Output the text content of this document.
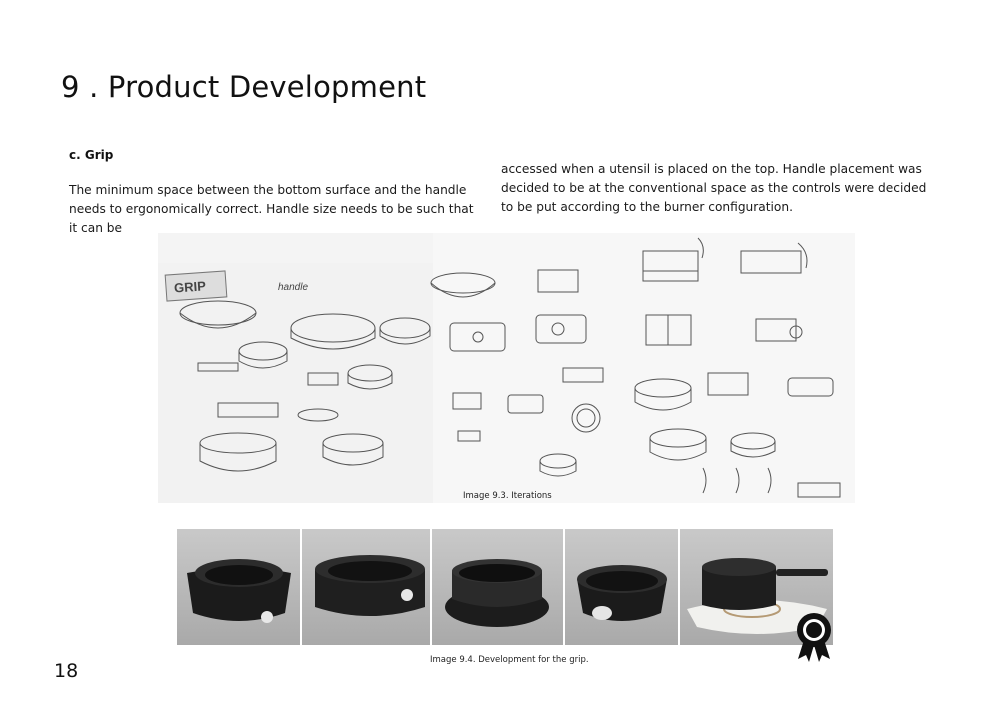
9 . Product Development
c. Grip

The minimum space between the bottom surface and the handle needs to ergonomically correct. Handle size needs to be such that it can be

accessed when a utensil is placed on the top. Handle placement was decided to be at the conventional space as the controls were decided to be put according to the burner configuration.

GRIP	handle

Image 9.3. Iterations

Image 9.4. Development for the grip.

18
